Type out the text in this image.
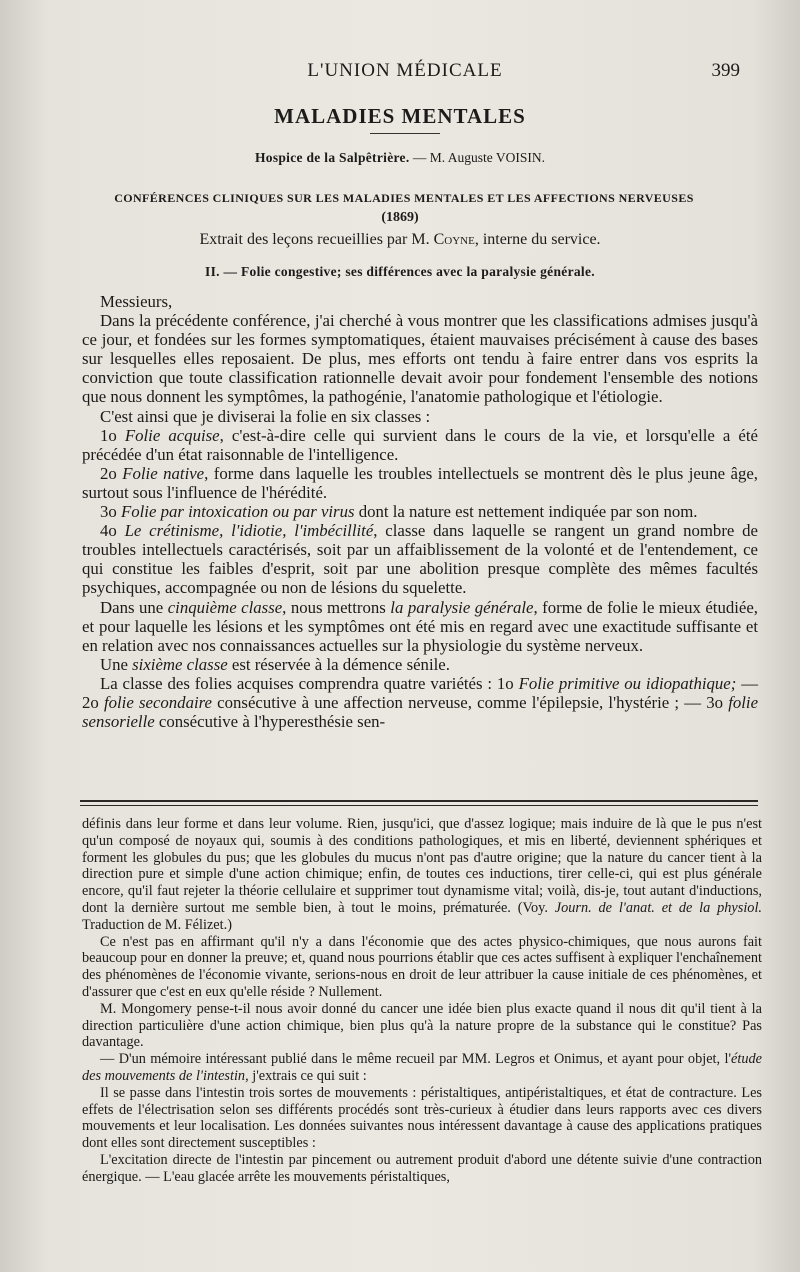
L'UNION MÉDICALE	399
MALADIES MENTALES
Hospice de la Salpêtrière. — M. Auguste VOISIN.
CONFÉRENCES CLINIQUES SUR LES MALADIES MENTALES ET LES AFFECTIONS NERVEUSES
(1869)
Extrait des leçons recueillies par M. Coyne, interne du service.
II. — Folie congestive; ses différences avec la paralysie générale.

Messieurs,

Dans la précédente conférence, j'ai cherché à vous montrer que les classifications admises jusqu'à ce jour, et fondées sur les formes symptomatiques, étaient mauvaises précisément à cause des bases sur lesquelles elles reposaient. De plus, mes efforts ont tendu à faire entrer dans vos esprits la conviction que toute classification rationnelle devait avoir pour fondement l'ensemble des notions que nous donnent les symptômes, la pathogénie, l'anatomie pathologique et l'étiologie.

C'est ainsi que je diviserai la folie en six classes :

1o Folie acquise, c'est-à-dire celle qui survient dans le cours de la vie, et lorsqu'elle a été précédée d'un état raisonnable de l'intelligence.

2o Folie native, forme dans laquelle les troubles intellectuels se montrent dès le plus jeune âge, surtout sous l'influence de l'hérédité.

3o Folie par intoxication ou par virus dont la nature est nettement indiquée par son nom.

4o Le crétinisme, l'idiotie, l'imbécillité, classe dans laquelle se rangent un grand nombre de troubles intellectuels caractérisés, soit par un affaiblissement de la volonté et de l'entendement, ce qui constitue les faibles d'esprit, soit par une abolition presque complète des mêmes facultés psychiques, accompagnée ou non de lésions du squelette.

Dans une cinquième classe, nous mettrons la paralysie générale, forme de folie le mieux étudiée, et pour laquelle les lésions et les symptômes ont été mis en regard avec une exactitude suffisante et en relation avec nos connaissances actuelles sur la physiologie du système nerveux.

Une sixième classe est réservée à la démence sénile.

La classe des folies acquises comprendra quatre variétés : 1o Folie primitive ou idiopathique; — 2o folie secondaire consécutive à une affection nerveuse, comme l'épilepsie, l'hystérie ; — 3o folie sensorielle consécutive à l'hyperesthésie sen-

définis dans leur forme et dans leur volume. Rien, jusqu'ici, que d'assez logique; mais induire de là que le pus n'est qu'un composé de noyaux qui, soumis à des conditions pathologiques, et mis en liberté, deviennent sphériques et forment les globules du pus; que les globules du mucus n'ont pas d'autre origine; que la nature du cancer tient à la direction pure et simple d'une action chimique; enfin, de toutes ces inductions, tirer celle-ci, qui est plus générale encore, qu'il faut rejeter la théorie cellulaire et supprimer tout dynamisme vital; voilà, dis-je, tout autant d'inductions, dont la dernière surtout me semble bien, à tout le moins, prématurée. (Voy. Journ. de l'anat. et de la physiol. Traduction de M. Félizet.)

Ce n'est pas en affirmant qu'il n'y a dans l'économie que des actes physico-chimiques, que nous aurons fait beaucoup pour en donner la preuve; et, quand nous pourrions établir que ces actes suffisent à expliquer l'enchaînement des phénomènes de l'économie vivante, serions-nous en droit de leur attribuer la cause initiale de ces phénomènes, et d'assurer que c'est en eux qu'elle réside ? Nullement.

M. Mongomery pense-t-il nous avoir donné du cancer une idée bien plus exacte quand il nous dit qu'il tient à la direction particulière d'une action chimique, bien plus qu'à la nature propre de la substance qui le constitue? Pas davantage.

— D'un mémoire intéressant publié dans le même recueil par MM. Legros et Onimus, et ayant pour objet, l'étude des mouvements de l'intestin, j'extrais ce qui suit :

Il se passe dans l'intestin trois sortes de mouvements : péristaltiques, antipéristaltiques, et état de contracture. Les effets de l'électrisation selon ses différents procédés sont très-curieux à étudier dans leurs rapports avec ces divers mouvements et leur localisation. Les données suivantes nous intéressent davantage à cause des applications pratiques dont elles sont directement susceptibles :

L'excitation directe de l'intestin par pincement ou autrement produit d'abord une détente suivie d'une contraction énergique. — L'eau glacée arrête les mouvements péristaltiques,
